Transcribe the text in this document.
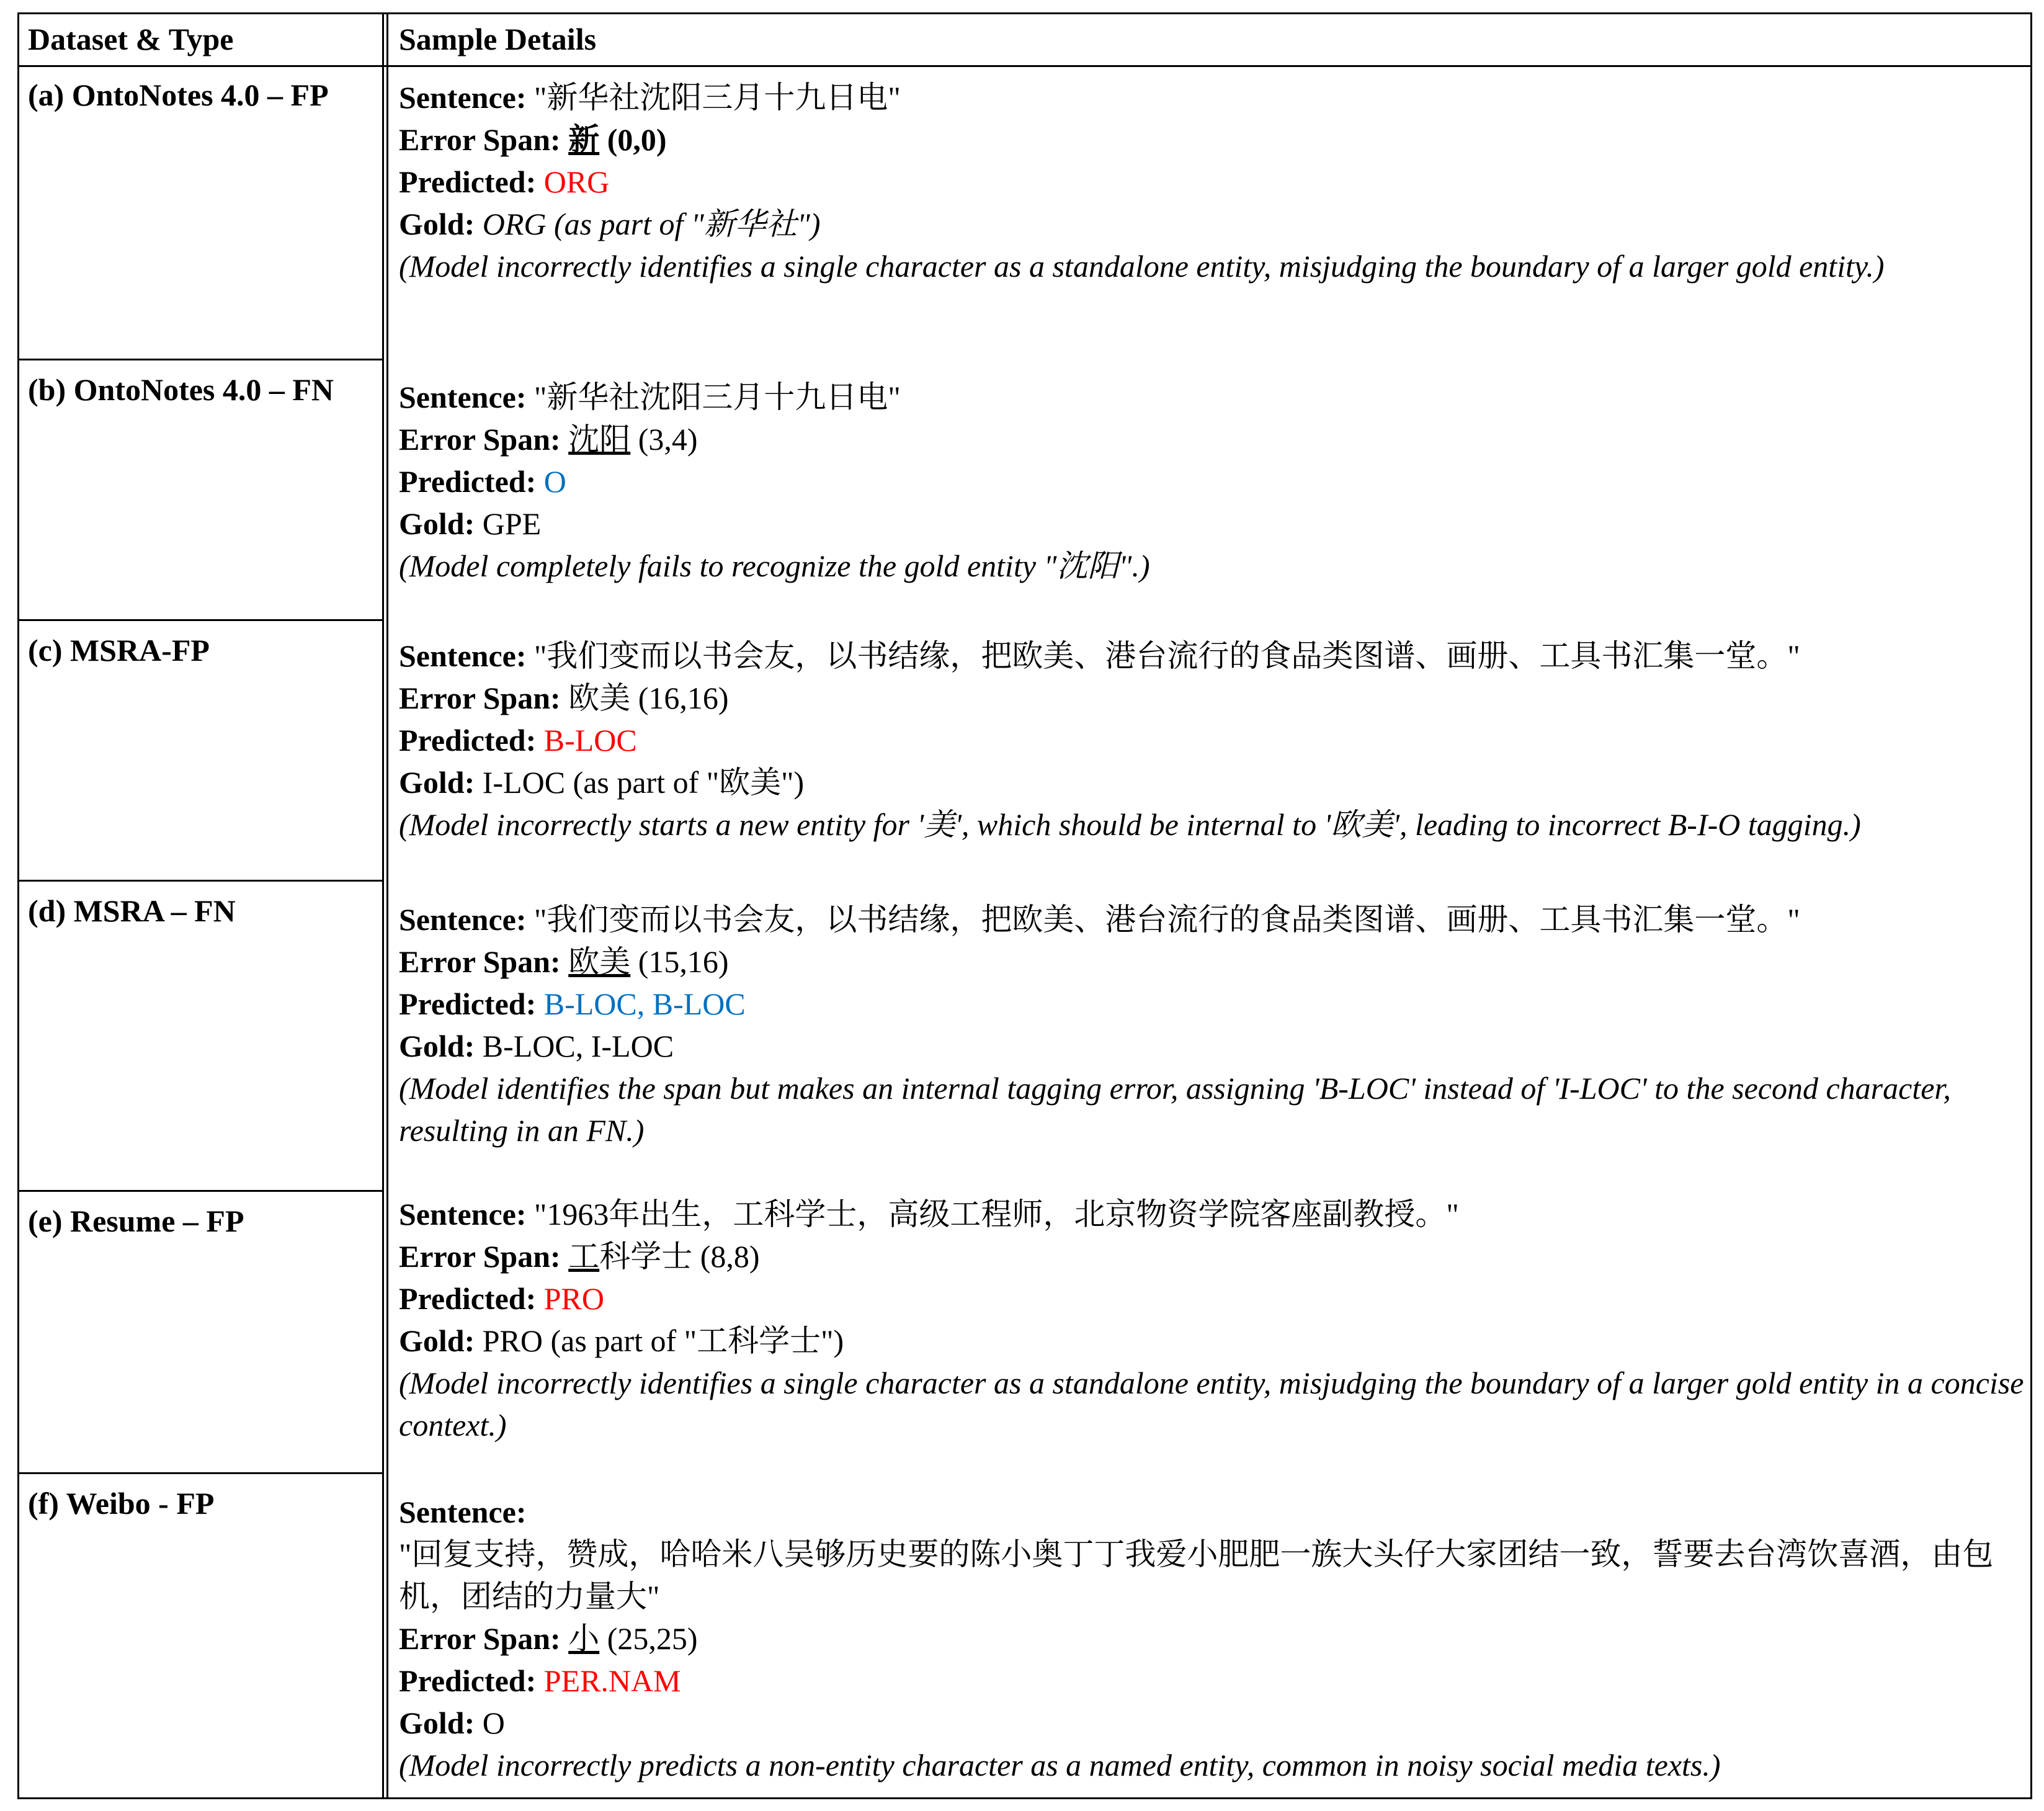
Dataset & Type	Sample Details
(a) OntoNotes 4.0 – FP
(b) OntoNotes 4.0 – FN
(c) MSRA-FP
(d) MSRA – FN
(e) Resume – FP
(f) Weibo - FP

Sentence: "新华社沈阳三月十九日电"

Error Span: 新 (0,0)

Predicted: ORG

Gold: ORG (as part of "新华社")

(Model incorrectly identifies a single character as a standalone entity, misjudging the boundary of a larger gold entity.)

Sentence: "新华社沈阳三月十九日电"

Error Span: 沈阳 (3,4)

Predicted: O

Gold: GPE

(Model completely fails to recognize the gold entity "沈阳".)

Sentence: "我们变而以书会友，以书结缘，把欧美、港台流行的食品类图谱、画册、工具书汇集一堂。"

Error Span: 欧美 (16,16)

Predicted: B-LOC

Gold: I-LOC (as part of "欧美")

(Model incorrectly starts a new entity for '美', which should be internal to '欧美', leading to incorrect B-I-O tagging.)

Sentence: "我们变而以书会友，以书结缘，把欧美、港台流行的食品类图谱、画册、工具书汇集一堂。"

Error Span: 欧美 (15,16)

Predicted: B-LOC, B-LOC

Gold: B-LOC, I-LOC

(Model identifies the span but makes an internal tagging error, assigning 'B-LOC' instead of 'I-LOC' to the second character, resulting in an FN.)

Sentence: "1963年出生，工科学士，高级工程师，北京物资学院客座副教授。"

Error Span: 工科学士 (8,8)

Predicted: PRO

Gold: PRO (as part of "工科学士")

(Model incorrectly identifies a single character as a standalone entity, misjudging the boundary of a larger gold entity in a concise context.)

Sentence:

"回复支持，赞成，哈哈米八吴够历史要的陈小奥丁丁我爱小肥肥一族大头仔大家团结一致，誓要去台湾饮喜酒，由包机，团结的力量大"

Error Span: 小 (25,25)

Predicted: PER.NAM

Gold: O

(Model incorrectly predicts a non-entity character as a named entity, common in noisy social media texts.)
